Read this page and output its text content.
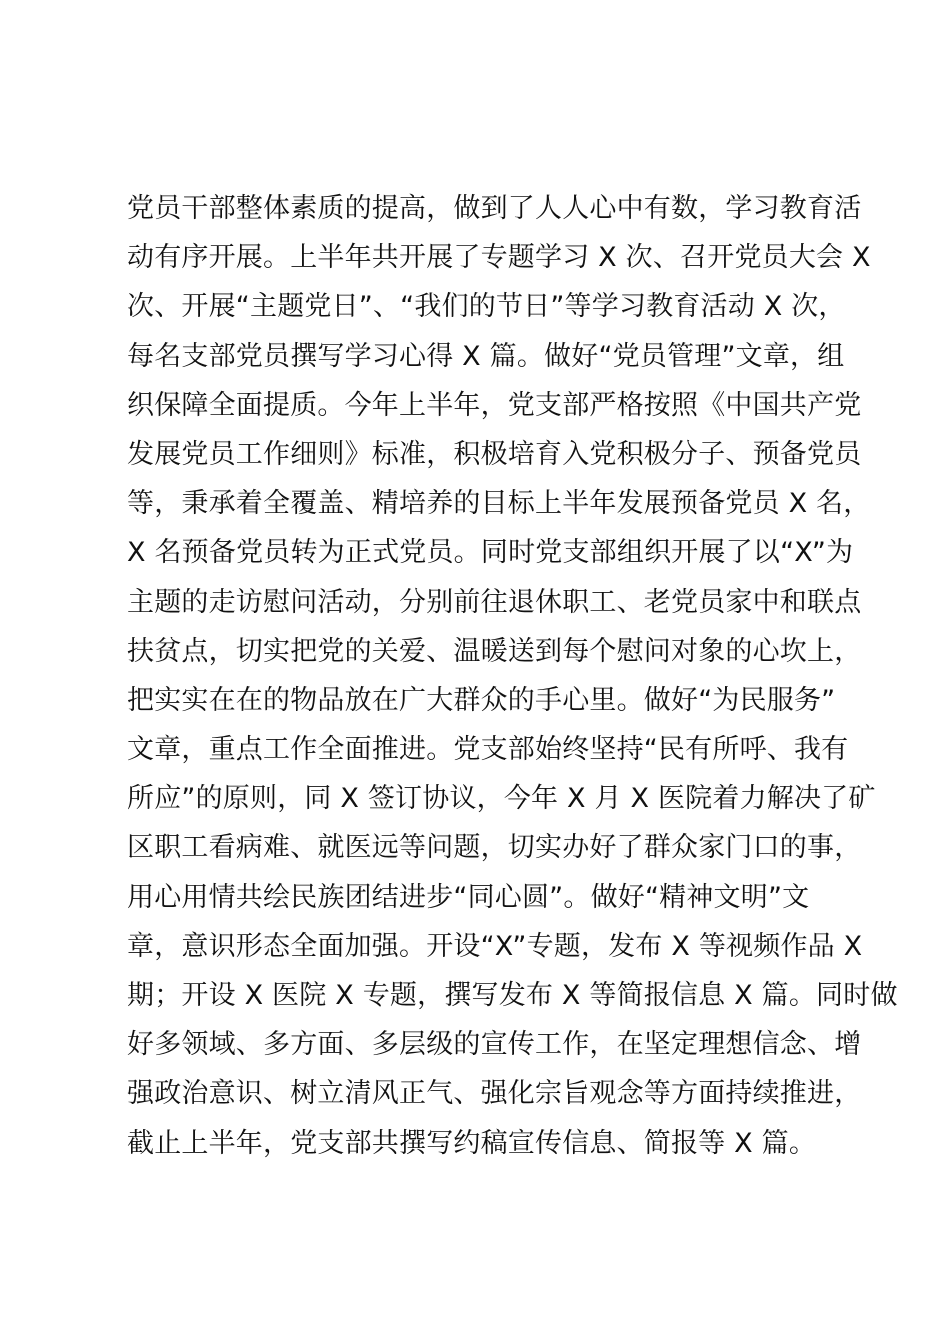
党员干部整体素质的提高，做到了人人心中有数，学习教育活
动有序开展。上半年共开展了专题学习 X 次、召开党员大会 X
次、开展“主题党日”、“我们的节日”等学习教育活动 X 次，
每名支部党员撰写学习心得 X 篇。做好“党员管理”文章，组
织保障全面提质。今年上半年，党支部严格按照《中国共产党
发展党员工作细则》标准，积极培育入党积极分子、预备党员
等，秉承着全覆盖、精培养的目标上半年发展预备党员 X 名，
X 名预备党员转为正式党员。同时党支部组织开展了以“X”为
主题的走访慰问活动，分别前往退休职工、老党员家中和联点
扶贫点，切实把党的关爱、温暖送到每个慰问对象的心坎上，
把实实在在的物品放在广大群众的手心里。做好“为民服务”
文章，重点工作全面推进。党支部始终坚持“民有所呼、我有
所应”的原则，同 X 签订协议，今年 X 月 X 医院着力解决了矿
区职工看病难、就医远等问题，切实办好了群众家门口的事，
用心用情共绘民族团结进步“同心圆”。做好“精神文明”文
章，意识形态全面加强。开设“X”专题，发布 X 等视频作品 X
期；开设 X 医院 X 专题，撰写发布 X 等简报信息 X 篇。同时做
好多领域、多方面、多层级的宣传工作，在坚定理想信念、增
强政治意识、树立清风正气、强化宗旨观念等方面持续推进，
截止上半年，党支部共撰写约稿宣传信息、简报等 X 篇。
